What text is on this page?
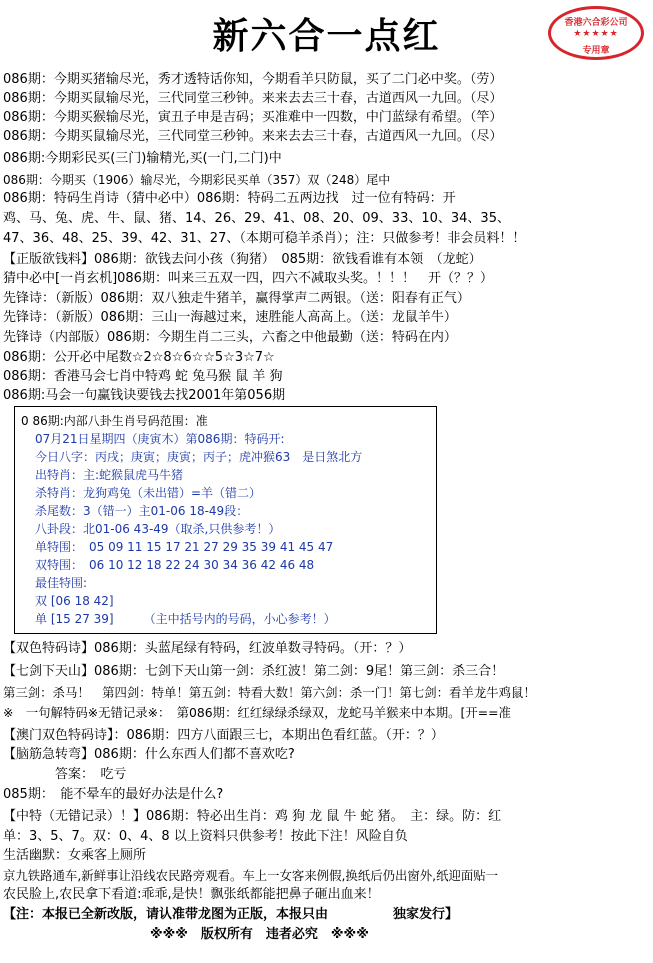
新六合一点红	香港六合彩公司
★★★★★
专用章
086期：今期买猪输尽光，秀才透特话你知，今期看羊只防鼠，买了二门必中奖。（劳）
086期：今期买鼠输尽光，三代同堂三秒钟。来来去去三十春，古道西风一九回。（尽）
086期：今期买猴输尽光，寅丑子申是吉码；买准难中一四数，中门蓝绿有希望。（竿）
086期：今期买鼠输尽光，三代同堂三秒钟。来来去去三十春，古道西风一九回。（尽）
086期:今期彩民买(三门)输精光,买(一门,二门)中
086期：今期买（1906）输尽光，今期彩民买单（357）双（248）尾中
086期：特码生肖诗（猜中必中）086期：特码二五两边找　过一位有特码：开
鸡、马、兔、虎、牛、鼠、猪、14、26、29、41、08、20、09、33、10、34、35、
47、36、48、25、39、42、31、27、（本期可稳羊杀肖）；注：只做参考！非会员料！！
【正版欲钱料】086期：欲钱去问小孩（狗猪）　085期：欲钱看谁有本领　（龙蛇）
猜中必中[一肖玄机]086期：叫来三五双一四，四六不减取头奖。！！！　开（？？）
先锋诗：（新版）086期：双八独走牛猪羊，赢得掌声二两银。（送：阳春有正气）
先锋诗：（新版）086期：三山一海越过来，速胜能人高高上。（送：龙鼠羊牛）
先锋诗（内部版）086期：今期生肖二三头，六畜之中他最勤（送：特码在内）
086期：公开必中尾数☆2☆8☆6☆☆5☆3☆7☆
086期：香港马会七肖中特鸡 蛇 兔马猴 鼠 羊 狗
086期:马会一句赢钱诀要钱去找2001年第056期
0 86期:内部八卦生肖号码范围：准
07月21日星期四（庚寅木）第086期：特码开:
今日八字：丙戌；庚寅；庚寅；丙子；虎冲猴63　是日煞北方
出特肖：主:蛇猴鼠虎马牛猪
杀特肖：龙狗鸡兔（未出错）=羊（错二）
杀尾数：3（错一）主01-06 18-49段：
八卦段：北01-06 43-49（取杀,只供参考！）
单特围：　05 09 11 15 17 21 27 29 35 39 41 45 47
双特围：　06 10 12 18 22 24 30 34 36 42 46 48
最佳特围:
双 [06 18 42]
单 [15 27 39]　　　（主中括号内的号码，小心参考！）
【双色特码诗】086期：头蓝尾绿有特码，红波单数寻特码。（开：？）
【七剑下天山】086期：七剑下天山第一剑：杀红波！第二剑：9尾！第三剑：杀三合！
第三剑：杀马！　第四剑：特单！第五剑：特看大数！第六剑：杀一门！第七剑：看羊龙牛鸡鼠！
※　一句解特码※无错记录※：　第086期：红红绿绿杀绿双，龙蛇马羊猴来中本期。[开==准
【澳门双色特码诗】：086期：四方八面跟三七，本期出色看红蓝。（开：？）
【脑筋急转弯】086期：什么东西人们都不喜欢吃?
　　　　答案：　吃亏
085期：　能不晕车的最好办法是什么?
【中特（无错记录）！】086期：特必出生肖：鸡 狗 龙 鼠 牛 蛇 猪。　主：绿。防：红
单：3、5、7。双：0、4、8 以上资料只供参考！按此下注！风险自负
生活幽默：女乘客上厕所
京九铁路通车,新鲜事让沿线农民路旁观看。车上一女客来例假,换纸后仍出窗外,纸迎面贴一
农民脸上,农民拿下看道:乖乖,是快！飘张纸都能把鼻子砸出血来！
【注：本报已全新改版，请认准带龙图为正版，本报只由　　　　　独家发行】
※※※　版权所有　违者必究　※※※
